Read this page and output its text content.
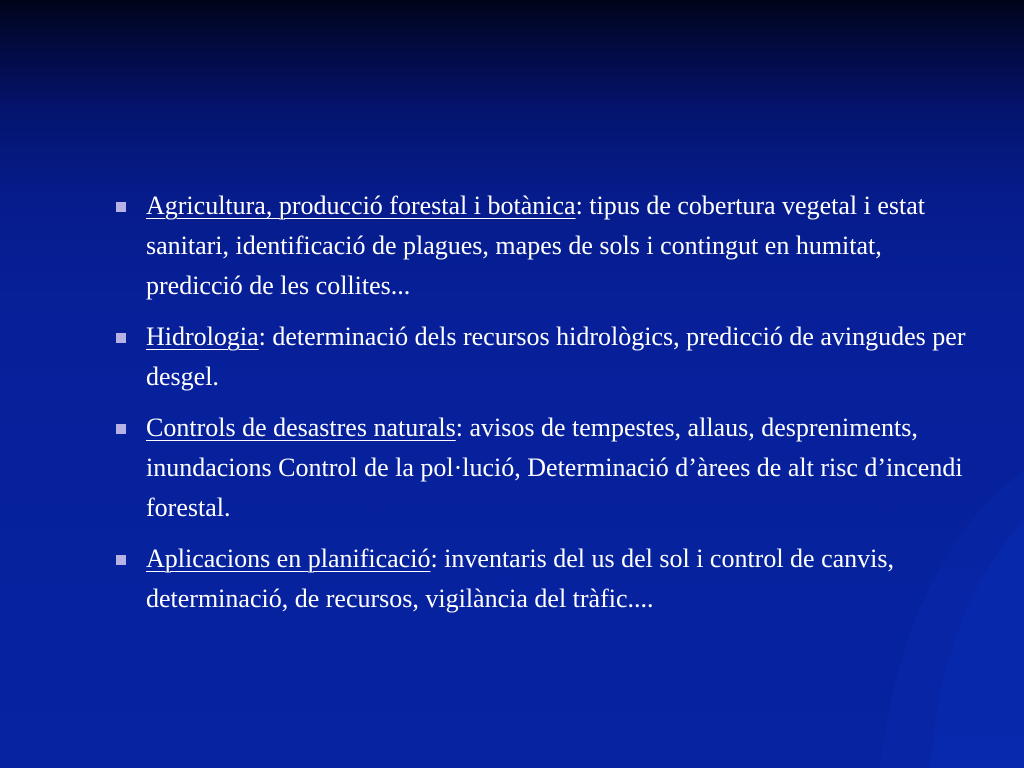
Agricultura, producció forestal i botànica: tipus de cobertura vegetal i estat sanitari, identificació de plagues, mapes de sols i contingut en humitat, predicció de les collites...
Hidrologia: determinació dels recursos hidrològics, predicció de avingudes per desgel.
Controls de desastres naturals: avisos de tempestes, allaus, despreniments, inundacions Control de la pol·lució, Determinació d’àrees de alt risc d’incendi forestal.
Aplicacions en planificació: inventaris del us del sol i control de canvis, determinació, de recursos, vigilància del tràfic....
